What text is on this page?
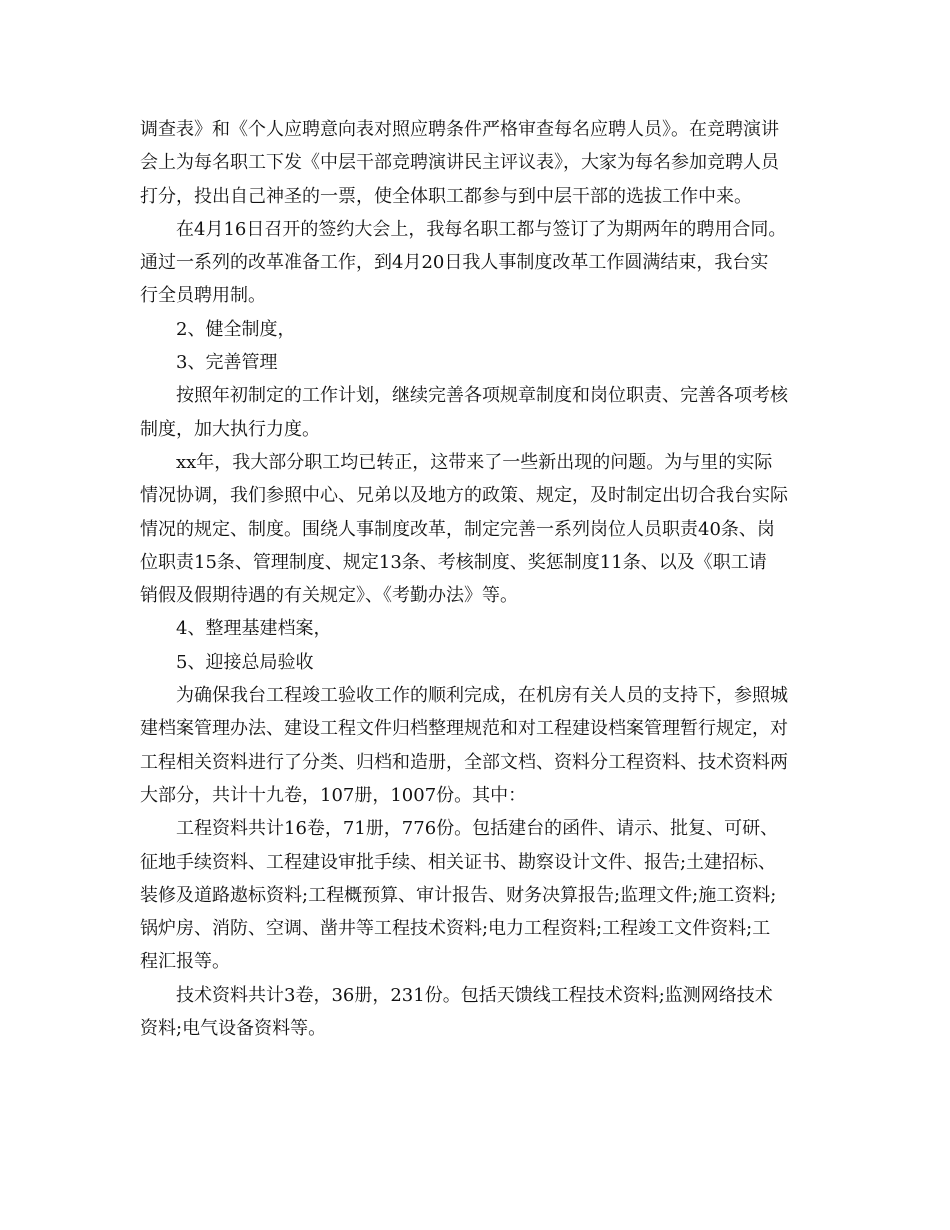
调查表》和《个人应聘意向表对照应聘条件严格审查每名应聘人员》。在竞聘演讲
会上为每名职工下发《中层干部竞聘演讲民主评议表》，大家为每名参加竞聘人员
打分，投出自己神圣的一票，使全体职工都参与到中层干部的选拔工作中来。
在4月16日召开的签约大会上，我每名职工都与签订了为期两年的聘用合同。
通过一系列的改革准备工作，到4月20日我人事制度改革工作圆满结束，我台实
行全员聘用制。
2、健全制度，
3、完善管理
按照年初制定的工作计划，继续完善各项规章制度和岗位职责、完善各项考核
制度，加大执行力度。
xx年，我大部分职工均已转正，这带来了一些新出现的问题。为与里的实际
情况协调，我们参照中心、兄弟以及地方的政策、规定，及时制定出切合我台实际
情况的规定、制度。围绕人事制度改革，制定完善一系列岗位人员职责40条、岗
位职责15条、管理制度、规定13条、考核制度、奖惩制度11条、以及《职工请
销假及假期待遇的有关规定》、《考勤办法》等。
4、整理基建档案，
5、迎接总局验收
为确保我台工程竣工验收工作的顺利完成，在机房有关人员的支持下，参照城
建档案管理办法、建设工程文件归档整理规范和对工程建设档案管理暂行规定，对
工程相关资料进行了分类、归档和造册，全部文档、资料分工程资料、技术资料两
大部分，共计十九卷，107册，1007份。其中：
工程资料共计16卷，71册，776份。包括建台的函件、请示、批复、可研、
征地手续资料、工程建设审批手续、相关证书、勘察设计文件、报告;土建招标、
装修及道路遨标资料;工程概预算、审计报告、财务决算报告;监理文件;施工资料;
锅炉房、消防、空调、凿井等工程技术资料;电力工程资料;工程竣工文件资料;工
程汇报等。
技术资料共计3卷，36册，231份。包括天馈线工程技术资料;监测网络技术
资料;电气设备资料等。
